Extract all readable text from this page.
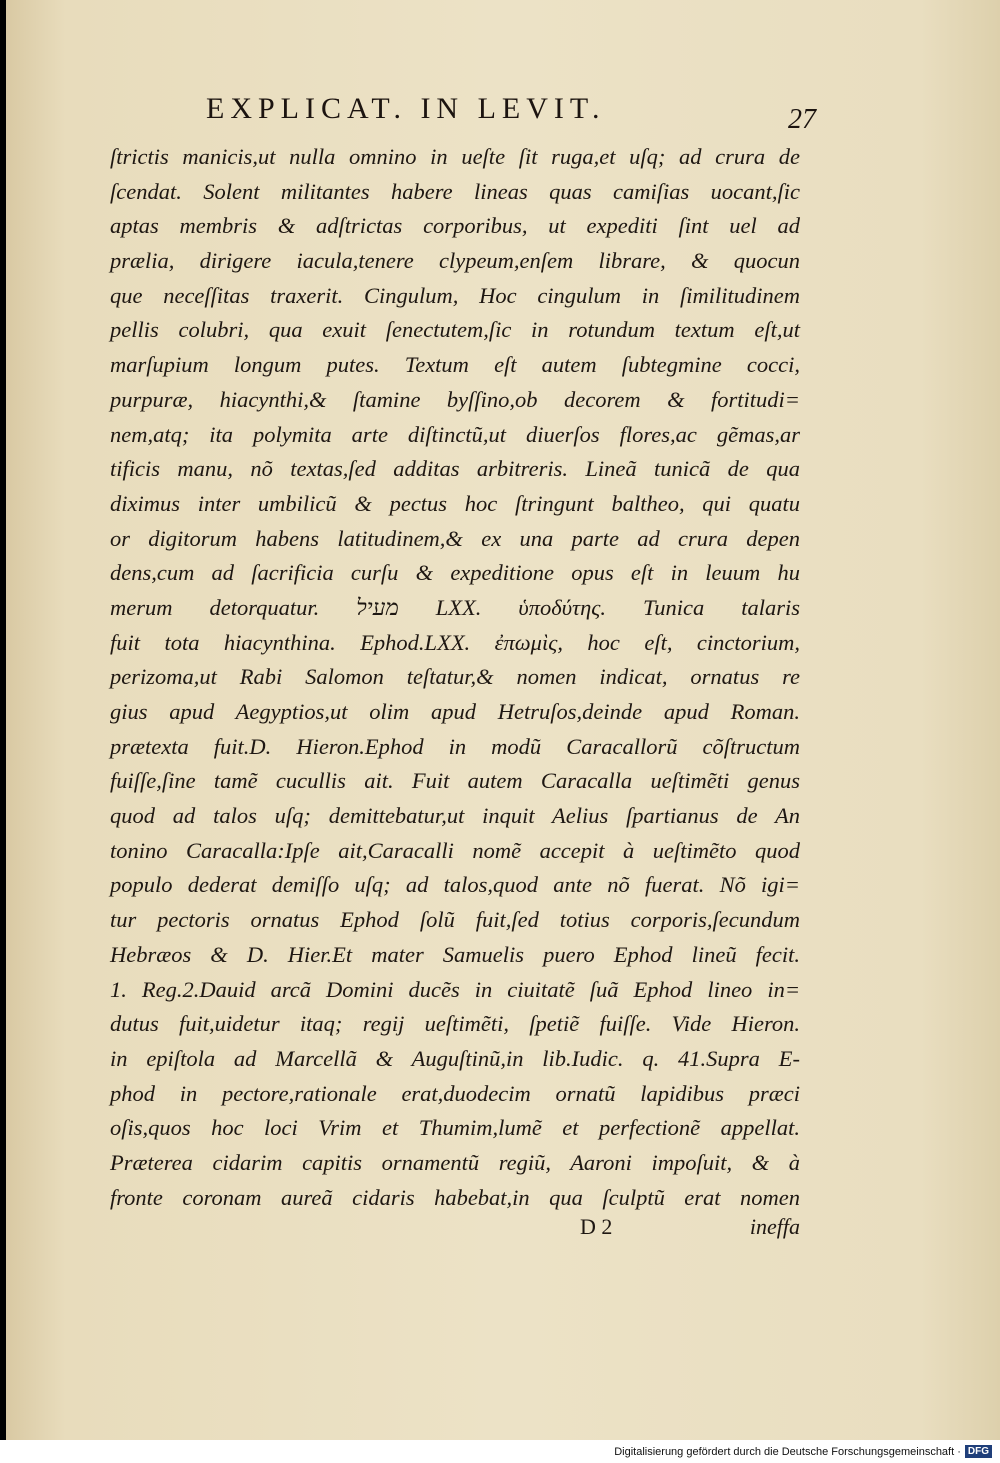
EXPLICAT. IN LEVIT.	27
ſtrictis manicis,ut nulla omnino in ueſte ſit ruga,et uſq; ad crura de
ſcendat. Solent militantes habere lineas quas camiſias uocant,ſic
aptas membris & adſtrictas corporibus, ut expediti ſint uel ad
prælia, dirigere iacula,tenere clypeum,enſem librare, & quocun
que neceſſitas traxerit. Cingulum, Hoc cingulum in ſimilitudinem
pellis colubri, qua exuit ſenectutem,ſic in rotundum textum eſt,ut
marſupium longum putes. Textum eſt autem ſubtegmine cocci,
purpuræ, hiacynthi,& ſtamine byſſino,ob decorem & fortitudi=
nem,atq; ita polymita arte diſtinctũ,ut diuerſos flores,ac gẽmas,ar
tificis manu, nõ textas,ſed additas arbitreris. Lineã tunicã de qua
diximus inter umbilicũ & pectus hoc ſtringunt baltheo, qui quatu
or digitorum habens latitudinem,& ex una parte ad crura depen
dens,cum ad ſacrificia curſu & expeditione opus eſt in leuum hu
merum detorquatur. מעיל LXX. ὑποδύτης. Tunica talaris
fuit tota hiacynthina. Ephod.LXX. ἐπωμὶς, hoc eſt, cinctorium,
perizoma,ut Rabi Salomon teſtatur,& nomen indicat, ornatus re
gius apud Aegyptios,ut olim apud Hetruſos,deinde apud Roman.
prætexta fuit.D. Hieron.Ephod in modũ Caracallorũ cõſtructum
fuiſſe,ſine tamẽ cucullis ait. Fuit autem Caracalla ueſtimẽti genus
quod ad talos uſq; demittebatur,ut inquit Aelius ſpartianus de An
tonino Caracalla:Ipſe ait,Caracalli nomẽ accepit à ueſtimẽto quod
populo dederat demiſſo uſq; ad talos,quod ante nõ fuerat. Nõ igi=
tur pectoris ornatus Ephod ſolũ fuit,ſed totius corporis,ſecundum
Hebræos & D. Hier.Et mater Samuelis puero Ephod lineũ fecit.
1. Reg.2.Dauid arcã Domini ducẽs in ciuitatẽ ſuã Ephod lineo in=
dutus fuit,uidetur itaq; regij ueſtimẽti, ſpetiẽ fuiſſe. Vide Hieron.
in epiſtola ad Marcellã & Auguſtinũ,in lib.Iudic. q. 41.Supra E-
phod in pectore,rationale erat,duodecim ornatũ lapidibus præci
oſis,quos hoc loci Vrim et Thumim,lumẽ et perfectionẽ appellat.
Præterea cidarim capitis ornamentũ regiũ, Aaroni impoſuit, & à
fronte coronam aureã cidaris habebat,in qua ſculptũ erat nomen
D 2	ineffa
Digitalisierung gefördert durch die Deutsche Forschungsgemeinschaft · DFG
